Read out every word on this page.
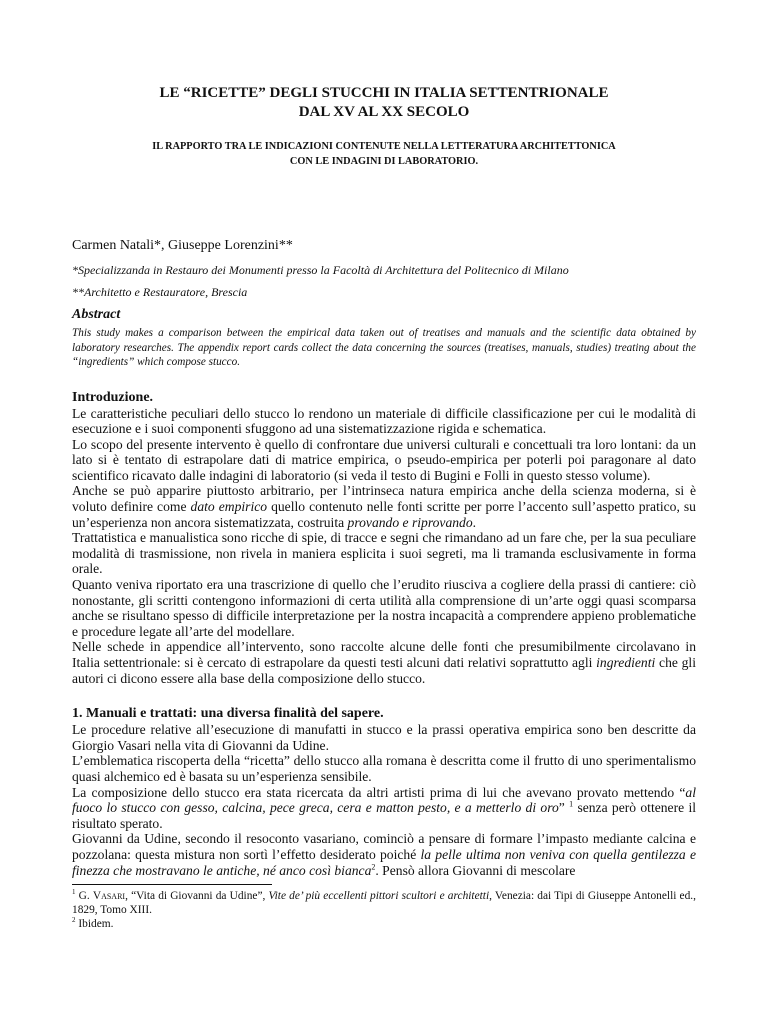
LE “RICETTE” DEGLI STUCCHI IN ITALIA SETTENTRIONALE
DAL XV AL XX SECOLO

IL RAPPORTO TRA LE INDICAZIONI CONTENUTE NELLA LETTERATURA ARCHITETTONICA
CON LE INDAGINI DI LABORATORIO.

Carmen Natali*, Giuseppe Lorenzini**

*Specializzanda in Restauro dei Monumenti presso la Facoltà di Architettura del Politecnico di Milano

**Architetto e Restauratore, Brescia

Abstract

This study makes a comparison between the empirical data taken out of treatises and manuals and the scientific data obtained by laboratory researches. The appendix report cards collect the data concerning the sources (treatises, manuals, studies) treating about the “ingredients” which compose stucco.

Introduzione.

Le caratteristiche peculiari dello stucco lo rendono un materiale di difficile classificazione per cui le modalità di esecuzione e i suoi componenti sfuggono ad una sistematizzazione rigida e schematica.

Lo scopo del presente intervento è quello di confrontare due universi culturali e concettuali tra loro lontani: da un lato si è tentato di estrapolare dati di matrice empirica, o pseudo-empirica per poterli poi paragonare al dato scientifico ricavato dalle indagini di laboratorio (si veda il testo di Bugini e Folli in questo stesso volume).

Anche se può apparire piuttosto arbitrario, per l’intrinseca natura empirica anche della scienza moderna, si è voluto definire come dato empirico quello contenuto nelle fonti scritte per porre l’accento sull’aspetto pratico, su un’esperienza non ancora sistematizzata, costruita provando e riprovando.

Trattatistica e manualistica sono ricche di spie, di tracce e segni che rimandano ad un fare che, per la sua peculiare modalità di trasmissione, non rivela in maniera esplicita i suoi segreti, ma li tramanda esclusivamente in forma orale.

Quanto veniva riportato era una trascrizione di quello che l’erudito riusciva a cogliere della prassi di cantiere: ciò nonostante, gli scritti contengono informazioni di certa utilità alla comprensione di un’arte oggi quasi scomparsa anche se risultano spesso di difficile interpretazione per la nostra incapacità a comprendere appieno problematiche e procedure legate all’arte del modellare.

Nelle schede in appendice all’intervento, sono raccolte alcune delle fonti che presumibilmente circolavano in Italia settentrionale: si è cercato di estrapolare da questi testi alcuni dati relativi soprattutto agli ingredienti che gli autori ci dicono essere alla base della composizione dello stucco.

1. Manuali e trattati: una diversa finalità del sapere.

Le procedure relative all’esecuzione di manufatti in stucco e la prassi operativa empirica sono ben descritte da Giorgio Vasari nella vita di Giovanni da Udine.

L’emblematica riscoperta della “ricetta” dello stucco alla romana è descritta come il frutto di uno sperimentalismo quasi alchemico ed è basata su un’esperienza sensibile.

La composizione dello stucco era stata ricercata da altri artisti prima di lui che avevano provato mettendo “al fuoco lo stucco con gesso, calcina, pece greca, cera e matton pesto, e a metterlo di oro” $^1$ senza però ottenere il risultato sperato.

Giovanni da Udine, secondo il resoconto vasariano, cominciò a pensare di formare l’impasto mediante calcina e pozzolana: questa mistura non sortì l’effetto desiderato poiché la pelle ultima non veniva con quella gentilezza e finezza che mostravano le antiche, né anco così bianca$^2$. Pensò allora Giovanni di mescolare

$^1$ G. Vasari, “Vita di Giovanni da Udine”, Vite de’ più eccellenti pittori scultori e architetti, Venezia: dai Tipi di Giuseppe Antonelli ed., 1829, Tomo XIII.

$^2$ Ibidem.
